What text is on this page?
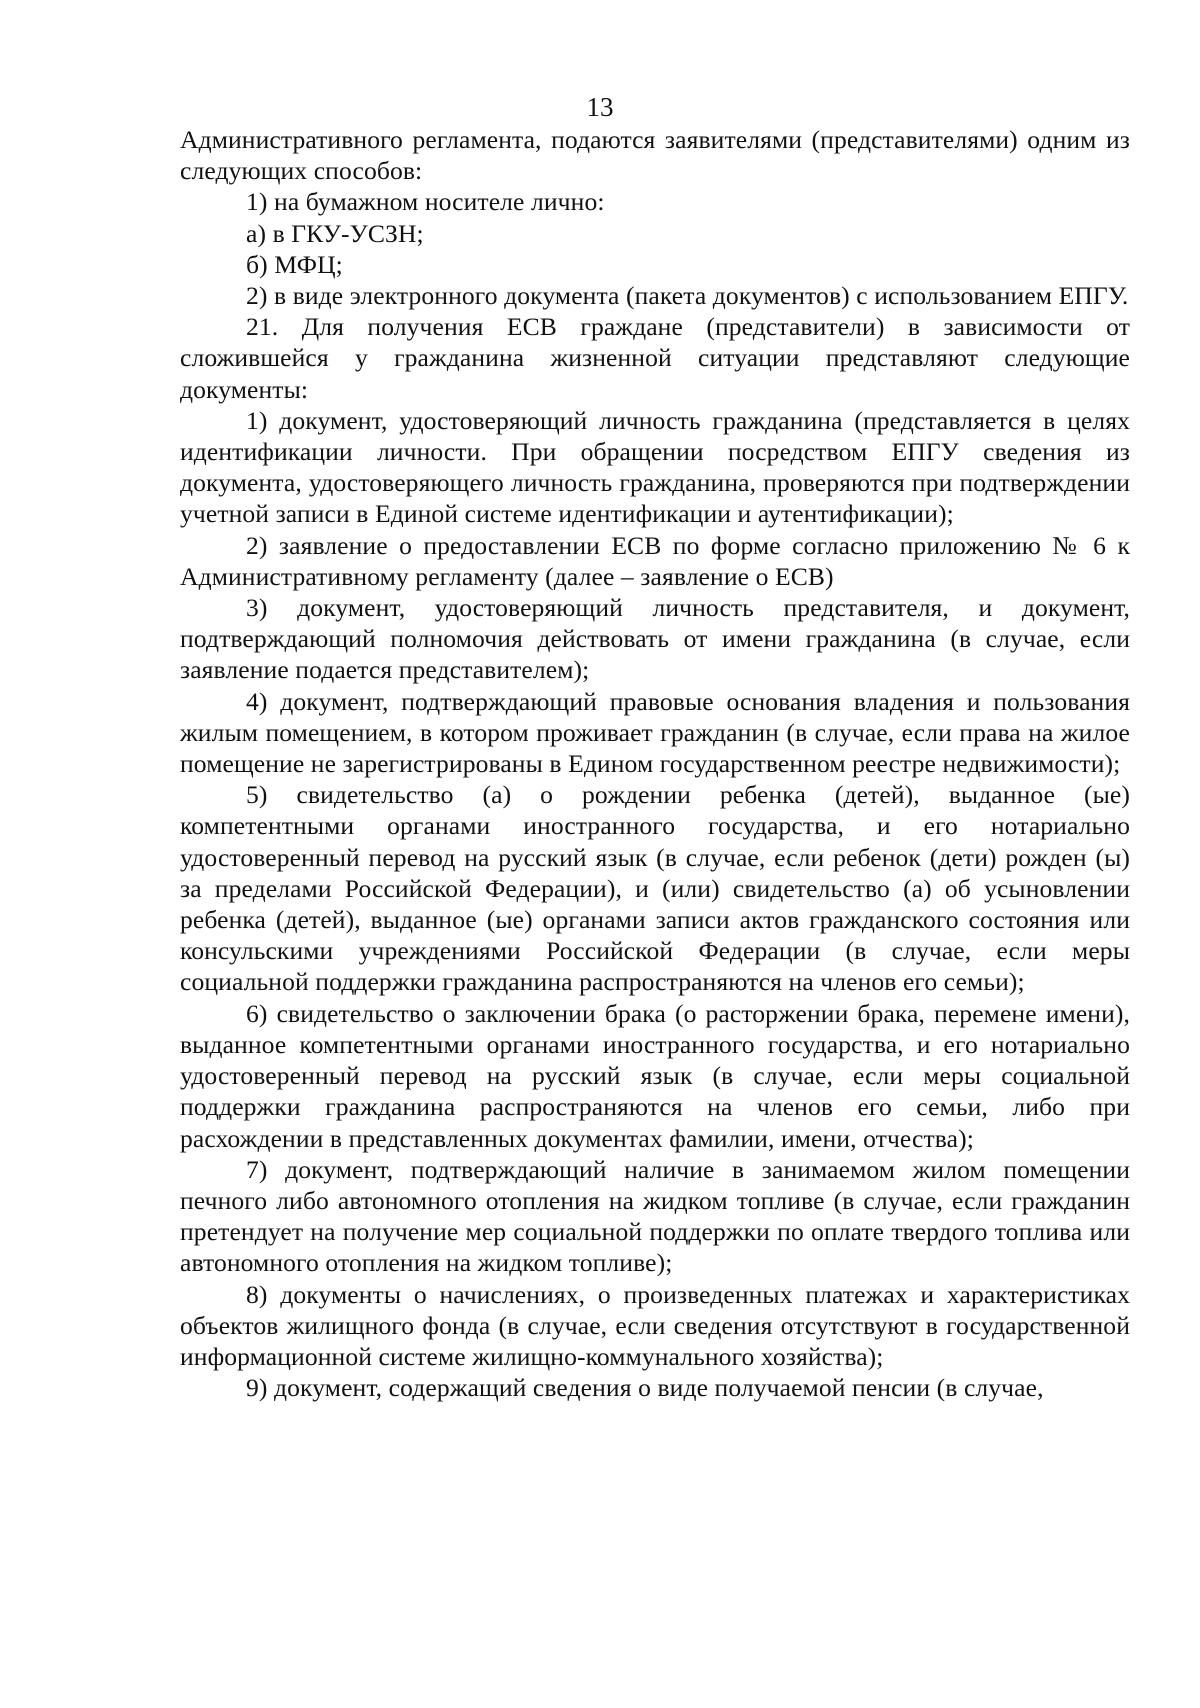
13

Административного регламента, подаются заявителями (представителями) одним из следующих способов:

1) на бумажном носителе лично:

а) в ГКУ-УСЗН;

б) МФЦ;

2) в виде электронного документа (пакета документов) с использованием ЕПГУ.

21. Для получения ЕСВ граждане (представители) в зависимости от сложившейся у гражданина жизненной ситуации представляют следующие документы:

1) документ, удостоверяющий личность гражданина (представляется в целях идентификации личности. При обращении посредством ЕПГУ сведения из документа, удостоверяющего личность гражданина, проверяются при подтверждении учетной записи в Единой системе идентификации и аутентификации);

2) заявление о предоставлении ЕСВ по форме согласно приложению № 6 к Административному регламенту (далее – заявление о ЕСВ)

3) документ, удостоверяющий личность представителя, и документ, подтверждающий полномочия действовать от имени гражданина (в случае, если заявление подается представителем);

4) документ, подтверждающий правовые основания владения и пользования жилым помещением, в котором проживает гражданин (в случае, если права на жилое помещение не зарегистрированы в Едином государственном реестре недвижимости);

5) свидетельство (а) о рождении ребенка (детей), выданное (ые) компетентными органами иностранного государства, и его нотариально удостоверенный перевод на русский язык (в случае, если ребенок (дети) рожден (ы) за пределами Российской Федерации), и (или) свидетельство (а) об усыновлении ребенка (детей), выданное (ые) органами записи актов гражданского состояния или консульскими учреждениями Российской Федерации (в случае, если меры социальной поддержки гражданина распространяются на членов его семьи);

6) свидетельство о заключении брака (о расторжении брака, перемене имени), выданное компетентными органами иностранного государства, и его нотариально удостоверенный перевод на русский язык (в случае, если меры социальной поддержки гражданина распространяются на членов его семьи, либо при расхождении в представленных документах фамилии, имени, отчества);

7) документ, подтверждающий наличие в занимаемом жилом помещении печного либо автономного отопления на жидком топливе (в случае, если гражданин претендует на получение мер социальной поддержки по оплате твердого топлива или автономного отопления на жидком топливе);

8) документы о начислениях, о произведенных платежах и характеристиках объектов жилищного фонда (в случае, если сведения отсутствуют в государственной информационной системе жилищно-коммунального хозяйства);

9) документ, содержащий сведения о виде получаемой пенсии (в случае,
